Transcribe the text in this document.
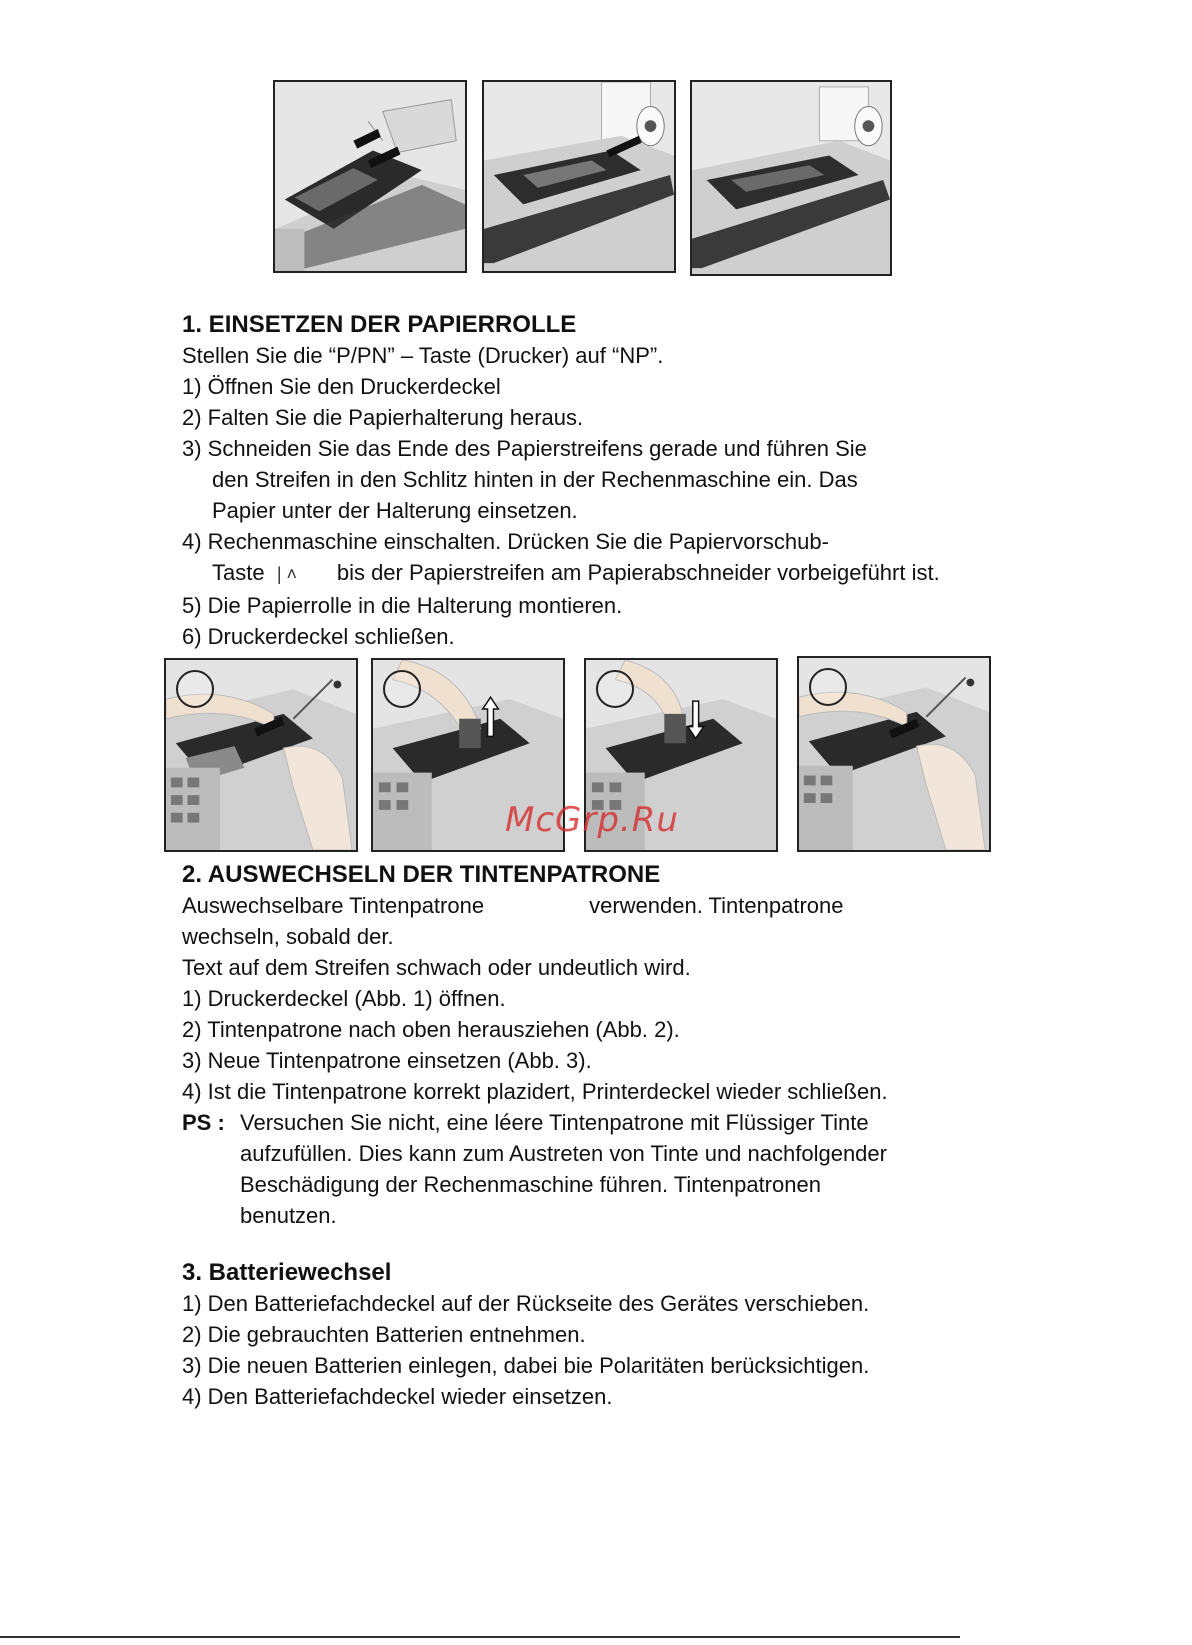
1. EINSETZEN DER PAPIERROLLE

Stellen Sie die “P/PN” – Taste (Drucker) auf “NP”.

1) Öffnen Sie den Druckerdeckel

2) Falten Sie die Papierhalterung heraus.

3) Schneiden Sie das Ende des Papierstreifens gerade und führen Sie

den Streifen in den Schlitz hinten in der Rechenmaschine ein. Das

Papier unter der Halterung einsetzen.

4) Rechenmaschine einschalten. Drücken Sie die Papiervorschub-

Taste | ˄ bis der Papierstreifen am Papierabschneider vorbeigeführt ist.

5) Die Papierrolle in die Halterung montieren.

6) Druckerdeckel schließen.

McGrp.Ru

2. AUSWECHSELN DER TINTENPATRONE

Auswechselbare Tintenpatrone	verwenden. Tintenpatrone

wechseln, sobald der.

Text auf dem Streifen schwach oder undeutlich wird.

1) Druckerdeckel (Abb. 1) öffnen.

2) Tintenpatrone nach oben herausziehen (Abb. 2).

3) Neue Tintenpatrone einsetzen (Abb. 3).

4) Ist die Tintenpatrone korrekt plazidert, Printerdeckel wieder schließen.

PS : Versuchen Sie nicht, eine léere Tintenpatrone mit Flüssiger Tinte

aufzufüllen. Dies kann zum Austreten von Tinte und nachfolgender

Beschädigung der Rechenmaschine führen. Tintenpatronen

benutzen.

3. Batteriewechsel

1) Den Batteriefachdeckel auf der Rückseite des Gerätes verschieben.

2) Die gebrauchten Batterien entnehmen.

3) Die neuen Batterien einlegen, dabei bie Polaritäten berücksichtigen.

4) Den Batteriefachdeckel wieder einsetzen.
